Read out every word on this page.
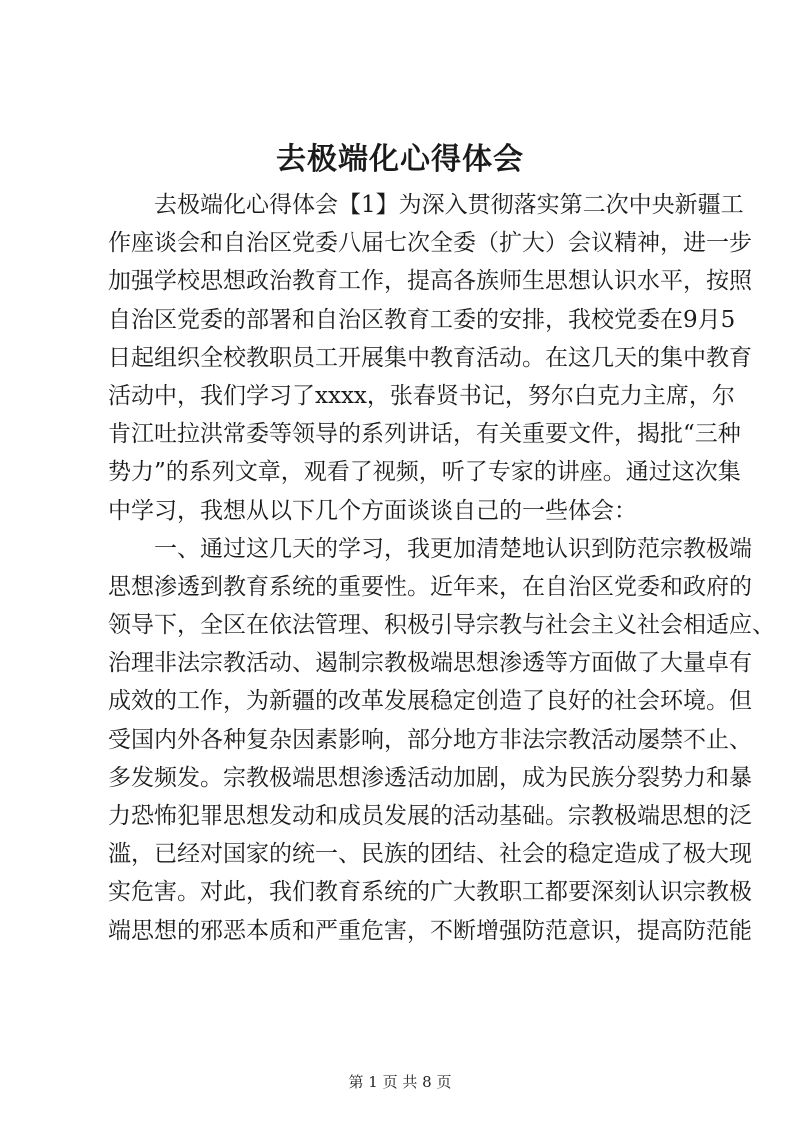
去极端化心得体会
去极端化心得体会【1】为深入贯彻落实第二次中央新疆工
作座谈会和自治区党委八届七次全委（扩大）会议精神，进一步
加强学校思想政治教育工作，提高各族师生思想认识水平，按照
自治区党委的部署和自治区教育工委的安排，我校党委在9月5
日起组织全校教职员工开展集中教育活动。在这几天的集中教育
活动中，我们学习了xxxx，张春贤书记，努尔白克力主席，尔
肯江吐拉洪常委等领导的系列讲话，有关重要文件，揭批“三种
势力”的系列文章，观看了视频，听了专家的讲座。通过这次集
中学习，我想从以下几个方面谈谈自己的一些体会：
一、通过这几天的学习，我更加清楚地认识到防范宗教极端
思想渗透到教育系统的重要性。近年来，在自治区党委和政府的
领导下，全区在依法管理、积极引导宗教与社会主义社会相适应、
治理非法宗教活动、遏制宗教极端思想渗透等方面做了大量卓有
成效的工作，为新疆的改革发展稳定创造了良好的社会环境。但
受国内外各种复杂因素影响，部分地方非法宗教活动屡禁不止、
多发频发。宗教极端思想渗透活动加剧，成为民族分裂势力和暴
力恐怖犯罪思想发动和成员发展的活动基础。宗教极端思想的泛
滥，已经对国家的统一、民族的团结、社会的稳定造成了极大现
实危害。对此，我们教育系统的广大教职工都要深刻认识宗教极
端思想的邪恶本质和严重危害，不断增强防范意识，提高防范能
第 1 页 共 8 页
